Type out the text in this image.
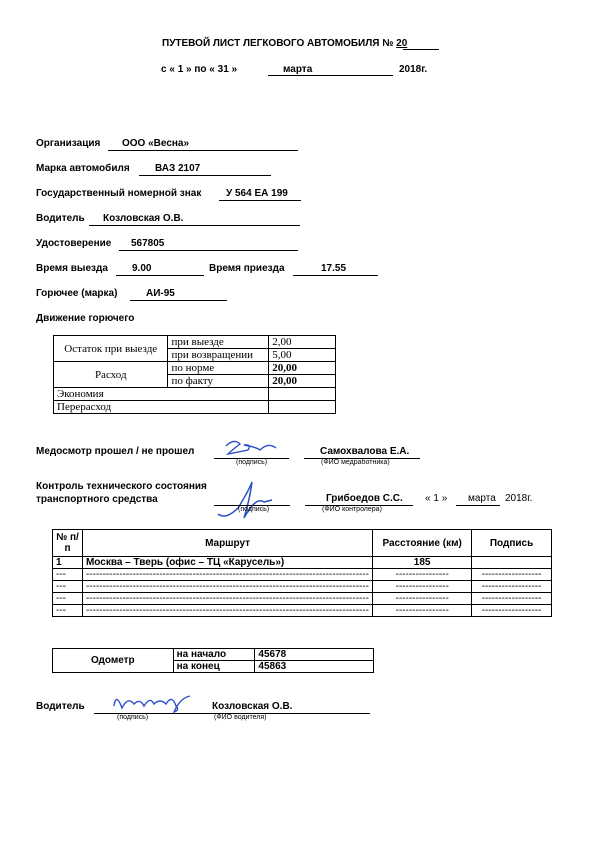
ПУТЕВОЙ ЛИСТ ЛЕГКОВОГО АВТОМОБИЛЯ № 20
с « 1 » по « 31 »	марта	2018г.
Организация ООО «Весна»
Марка автомобиля	ВАЗ 2107
Государственный номерной знак У 564 ЕА 199
Водитель Козловская О.В.
Удостоверение 567805
Время выезда 9.00	Время приезда	17.55
Горючее (марка)	АИ-95
Движение горючего
Остаток при выезде	при выезде	2,00
	при возвращении	5,00
Расход	по норме	20,00
	по факту	20,00
Экономия		
Перерасход		
Медосмотр прошел / не прошел
(подпись)
Самохвалова Е.А.
(ФИО медработника)
Контроль технического состояния
транспортного средства
(подпись)
Грибоедов С.С.
(ФИО контролера)
« 1 » марта 2018г.
№ п/п	Маршрут	Расстояние (км)	Подпись
1	Москва – Тверь (офис – ТЦ «Карусель»)	185	
---	-------------------------------------------------------------------------------------	----------------	------------------
---	-------------------------------------------------------------------------------------	----------------	------------------
---	-------------------------------------------------------------------------------------	----------------	------------------
---	-------------------------------------------------------------------------------------	----------------	------------------
Одометр	на начало	45678
	на конец	45863
Водитель
(подпись)
Козловская О.В.
(ФИО водителя)
